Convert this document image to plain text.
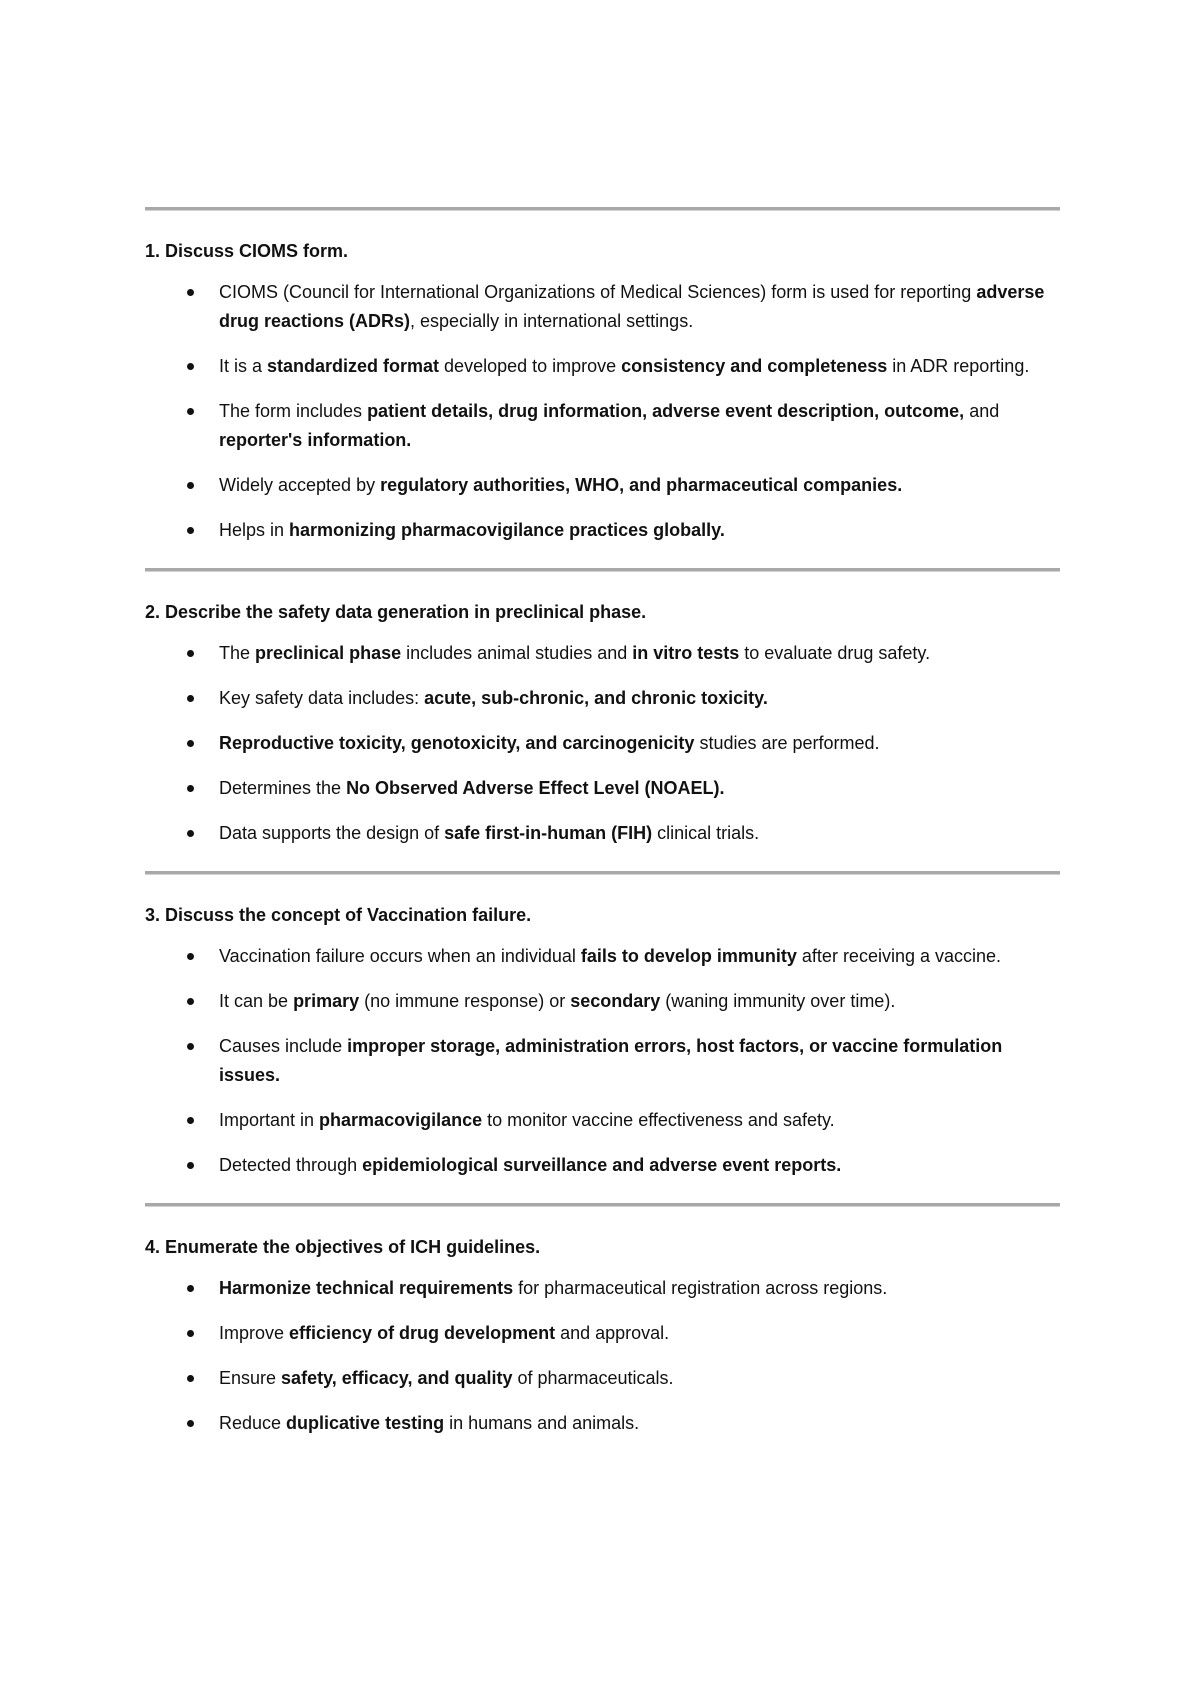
1. Discuss CIOMS form.
CIOMS (Council for International Organizations of Medical Sciences) form is used for reporting adverse drug reactions (ADRs), especially in international settings.
It is a standardized format developed to improve consistency and completeness in ADR reporting.
The form includes patient details, drug information, adverse event description, outcome, and reporter's information.
Widely accepted by regulatory authorities, WHO, and pharmaceutical companies.
Helps in harmonizing pharmacovigilance practices globally.
2. Describe the safety data generation in preclinical phase.
The preclinical phase includes animal studies and in vitro tests to evaluate drug safety.
Key safety data includes: acute, sub-chronic, and chronic toxicity.
Reproductive toxicity, genotoxicity, and carcinogenicity studies are performed.
Determines the No Observed Adverse Effect Level (NOAEL).
Data supports the design of safe first-in-human (FIH) clinical trials.
3. Discuss the concept of Vaccination failure.
Vaccination failure occurs when an individual fails to develop immunity after receiving a vaccine.
It can be primary (no immune response) or secondary (waning immunity over time).
Causes include improper storage, administration errors, host factors, or vaccine formulation issues.
Important in pharmacovigilance to monitor vaccine effectiveness and safety.
Detected through epidemiological surveillance and adverse event reports.
4. Enumerate the objectives of ICH guidelines.
Harmonize technical requirements for pharmaceutical registration across regions.
Improve efficiency of drug development and approval.
Ensure safety, efficacy, and quality of pharmaceuticals.
Reduce duplicative testing in humans and animals.
